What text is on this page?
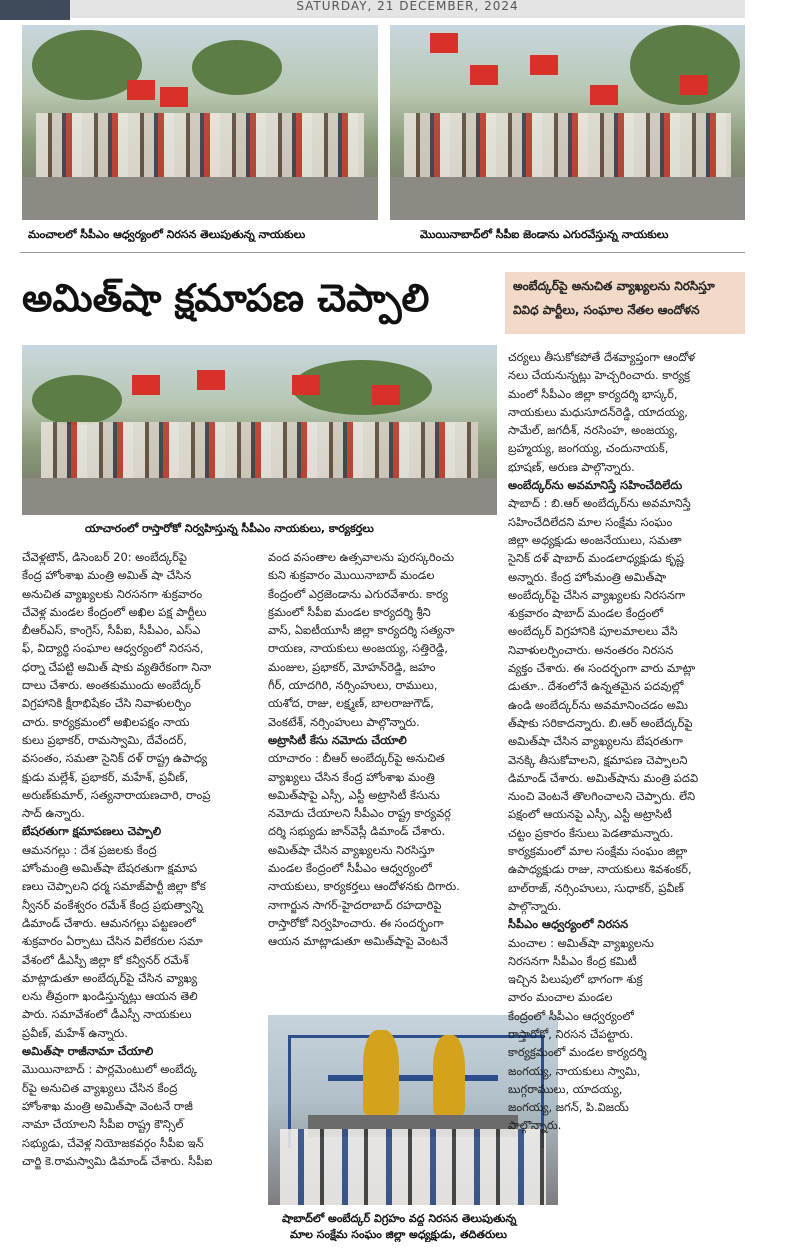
SATURDAY, 21 DECEMBER, 2024
మంచాలలో సీపీఎం ఆధ్వర్యంలో నిరసన తెలుపుతున్న నాయకులు	మొయినాబాద్‌లో సీపీఐ జెండాను ఎగురవేస్తున్న నాయకులు
అమిత్‌షా క్షమాపణ చెప్పాలి	అంబేద్కర్‌పై అనుచిత వ్యాఖ్యలను నిరసిస్తూ
వివిధ పార్టీలు, సంఘాల నేతల ఆందోళన
యాచారంలో రాస్తారోకో నిర్వహిస్తున్న సీపీఎం నాయకులు, కార్యకర్తలు

చేవెళ్లటౌన్, డిసెంబర్ 20: అంబేద్కర్‌పై

కేంద్ర హోంశాఖ మంత్రి అమిత్ షా చేసిన

అనుచిత వ్యాఖ్యలకు నిరసనగా శుక్రవారం

చేవెళ్ల మండల కేంద్రంలో అఖిల పక్ష పార్టీలు

బీఆర్ఎస్, కాంగ్రెస్, సీపీఐ, సీపీఎం, ఎస్ఎ

ఫ్, విద్యార్థి సంఘాల ఆధ్వర్యంలో నిరసన,

ధర్నా చేపట్టి అమిత్ షాకు వ్యతిరేకంగా నినా

దాలు చేశారు. అంతకుముందు అంబేద్కర్

విగ్రహానికి క్షీరాభిషేకం చేసి నివాళులర్పిం

చారు. కార్యక్రమంలో అఖిలపక్షం నాయ

కులు ప్రభాకర్, రామస్వామి, దేవేందర్,

వసంతం, సమతా సైనిక్ దళ్ రాష్ట్ర ఉపాధ్య

క్షుడు మల్లేశ్, ప్రభాకర్, మహేశ్, ప్రవీణ్,

అరుణ్‌కుమార్, సత్యనారాయణచారి, రాంప్ర

సాద్ ఉన్నారు.

బేషరతుగా క్షమాపణలు చెప్పాలి

ఆమనగల్లు : దేశ ప్రజలకు కేంద్ర

హోంమంత్రి అమిత్‌షా బేషరతుగా క్షమాప

ణలు చెప్పాలని ధర్మ సమాజ్‌పార్టీ జిల్లా కోక

న్వీనర్ వంకేశ్వరం రమేశ్ కేంద్ర ప్రభుత్వాన్ని

డిమాండ్ చేశారు. ఆమనగల్లు పట్టణంలో

శుక్రవారం ఏర్పాటు చేసిన విలేకరుల సమా

వేశంలో డీఎస్పీ జిల్లా కో కన్వీనర్ రమేశ్

మాట్లాడుతూ అంబేద్కర్‌పై చేసిన వ్యాఖ్య

లను తీవ్రంగా ఖండిస్తున్నట్లు ఆయన తెలి

పారు. సమావేశంలో డీఎస్పీ నాయకులు

ప్రవీణ్, మహేశ్ ఉన్నారు.

అమిత్‌షా రాజీనామా చేయాలి

మొయినాబాద్ : పార్లమెంటులో అంబేద్క

ర్‌పై అనుచిత వ్యాఖ్యలు చేసిన కేంద్ర

హోంశాఖ మంత్రి అమిత్‌షా వెంటనే రాజీ

నామా చేయాలని సీపీఐ రాష్ట్ర కౌన్సిల్

సభ్యుడు, చేవెళ్ల నియోజకవర్గం సీపీఐ ఇన్

చార్జి కె.రామస్వామి డిమాండ్ చేశారు. సీపీఐ

వంద వసంతాల ఉత్సవాలను పురస్కరించు

కుని శుక్రవారం మొయినాబాద్ మండల

కేంద్రంలో ఎర్రజెండాను ఎగురవేశారు. కార్య

క్రమంలో సీపీఐ మండల కార్యదర్శి శ్రీని

వాస్, ఏఐటీయూసీ జిల్లా కార్యదర్శి సత్యనా

రాయణ, నాయకులు అంజయ్య, సత్తిరెడ్డి,

మంజుల, ప్రభాకర్, మోహన్‌రెడ్డి, జహం

గీర్, యాదగిరి, నర్సింహులు, రాములు,

యశోద, రాజు, లక్ష్మణ్, బాలరాజుగౌడ్,

వెంకటేశ్, నర్సింహులు పాల్గొన్నారు.

అట్రాసిటీ కేసు నమోదు చేయాలి

యాచారం : బీఆర్ అంబేద్కర్‌పై అనుచిత

వ్యాఖ్యలు చేసిన కేంద్ర హోంశాఖ మంత్రి

అమిత్‌షాపై ఎస్సీ, ఎస్టీ అట్రాసిటీ కేసును

నమోదు చేయాలని సీపీఎం రాష్ట్ర కార్యవర్గ

దర్శి సభ్యుడు జాన్‌వెస్లీ డిమాండ్ చేశారు.

అమిత్‌షా చేసిన వ్యాఖ్యలను నిరసిస్తూ

మండల కేంద్రంలో సీపీఎం ఆధ్వర్యంలో

నాయకులు, కార్యకర్తలు ఆందోళనకు దిగారు.

నాగార్జున సాగర్-హైదరాబాద్ రహదారిపై

రాస్తారోకో నిర్వహించారు. ఈ సందర్భంగా

ఆయన మాట్లాడుతూ అమిత్‌షాపై వెంటనే

షాబాద్‌లో అంబేద్కర్ విగ్రహం వద్ద నిరసన తెలుపుతున్న
మాల సంక్షేమ సంఘం జిల్లా అధ్యక్షుడు, తదితరులు

చర్యలు తీసుకోకపోతే దేశవ్యాప్తంగా ఆందోళ

నలు చేయనున్నట్లు హెచ్చరించారు. కార్యక్ర

మంలో సీపీఎం జిల్లా కార్యదర్శి భాస్కర్,

నాయకులు మధుసూదన్‌రెడ్డి, యాదయ్య,

సామేల్, జగదీశ్, నరసింహ, అంజయ్య,

బ్రహ్మయ్య, జంగయ్య, చందునాయక్,

భూషణ్, అరుణ పాల్గొన్నారు.

అంబేద్కర్‌ను అవమానిస్తే సహించేదిలేదు

షాబాద్ : బి.ఆర్ అంబేద్కర్‌ను అవమానిస్తే

సహించేదిలేదని మాల సంక్షేమ సంఘం

జిల్లా అధ్యక్షుడు అంజనేయులు, సమతా

సైనిక్ దళ్ షాబాద్ మండలాధ్యక్షుడు కృష్ణ

అన్నారు. కేంద్ర హోంమంత్రి అమిత్‌షా

అంబేద్కర్‌పై చేసిన వ్యాఖ్యలకు నిరసనగా

శుక్రవారం షాబాద్ మండల కేంద్రంలో

అంబేద్కర్ విగ్రహానికి పూలమాలలు వేసి

నివాళులర్పించారు. అనంతరం నిరసన

వ్యక్తం చేశారు. ఈ సందర్భంగా వారు మాట్లా

డుతూ.. దేశంలోనే ఉన్నతమైన పదవుల్లో

ఉండి అంబేద్కర్‌ను అవమానించడం అమి

త్‌షాకు సరికాదన్నారు. బి.ఆర్ అంబేద్కర్‌పై

అమిత్‌షా చేసిన వ్యాఖ్యలను బేషరతుగా

వెనక్కి తీసుకోవాలని, క్షమాపణ చెప్పాలని

డిమాండ్ చేశారు. అమిత్‌షాను మంత్రి పదవి

నుంచి వెంటనే తొలగించాలని చెప్పారు. లేని

పక్షంలో ఆయనపై ఎస్సీ, ఎస్టీ అట్రాసిటీ

చట్టం ప్రకారం కేసులు పెడతామన్నారు.

కార్యక్రమంలో మాల సంక్షేమ సంఘం జిల్లా

ఉపాధ్యక్షుడు రాజు, నాయకులు శివశంకర్,

బాల్‌రాజ్, నర్సింహులు, సుధాకర్, ప్రవీణ్

పాల్గొన్నారు.

సీపీఎం ఆధ్వర్యంలో నిరసన

మంచాల : అమిత్‌షా వ్యాఖ్యలను

నిరసనగా సీపీఎం కేంద్ర కమిటీ

ఇచ్చిన పిలుపులో భాగంగా శుక్ర

వారం మంచాల మండల

కేంద్రంలో సీపీఎం ఆధ్వర్యంలో

రాస్తారోకో, నిరసన చేపట్టారు.

కార్యక్రమంలో మండల కార్యదర్శి

జంగయ్య, నాయకులు స్వామి,

బుగ్గరాములు, యాదయ్య,

జంగయ్య, జగన్, పి.విజయ్

పాల్గొన్నారు.
